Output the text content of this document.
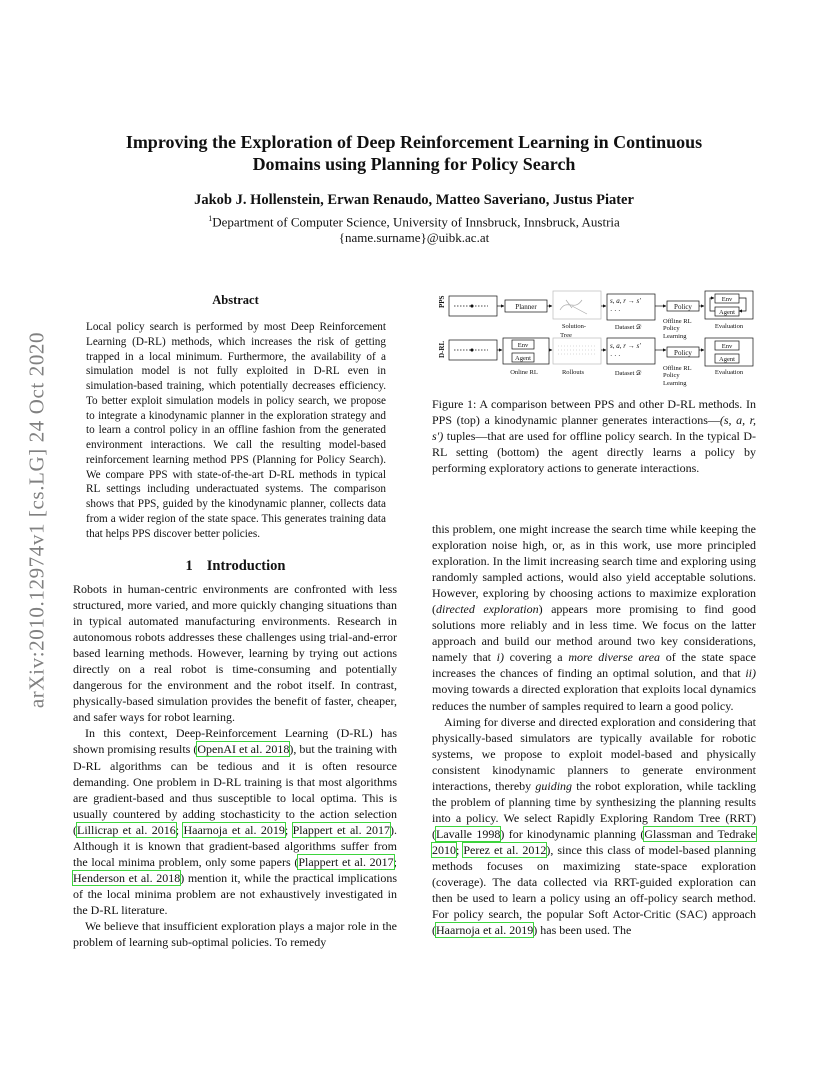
arXiv:2010.12974v1 [cs.LG] 24 Oct 2020
Improving the Exploration of Deep Reinforcement Learning in Continuous
Domains using Planning for Policy Search
Jakob J. Hollenstein, Erwan Renaudo, Matteo Saveriano, Justus Piater
$^1$Department of Computer Science, University of Innsbruck, Innsbruck, Austria
{name.surname}@uibk.ac.at
Abstract
Local policy search is performed by most Deep Reinforcement Learning (D-RL) methods, which increases the risk of getting trapped in a local minimum. Furthermore, the availability of a simulation model is not fully exploited in D-RL even in simulation-based training, which potentially decreases efficiency. To better exploit simulation models in policy search, we propose to integrate a kinodynamic planner in the exploration strategy and to learn a control policy in an offline fashion from the generated environment interactions. We call the resulting model-based reinforcement learning method PPS (Planning for Policy Search). We compare PPS with state-of-the-art D-RL methods in typical RL settings including underactuated systems. The comparison shows that PPS, guided by the kinodynamic planner, collects data from a wider region of the state space. This generates training data that helps PPS discover better policies.
1 Introduction

Robots in human-centric environments are confronted with less structured, more varied, and more quickly changing situations than in typical automated manufacturing environments. Research in autonomous robots addresses these challenges using trial-and-error based learning methods. However, learning by trying out actions directly on a real robot is time-consuming and potentially dangerous for the environment and the robot itself. In contrast, physically-based simulation provides the benefit of faster, cheaper, and safer ways for robot learning.

In this context, Deep-Reinforcement Learning (D-RL) has shown promising results (OpenAI et al. 2018), but the training with D-RL algorithms can be tedious and it is often resource demanding. One problem in D-RL training is that most algorithms are gradient-based and thus susceptible to local optima. This is usually countered by adding stochasticity to the action selection (Lillicrap et al. 2016; Haarnoja et al. 2019; Plappert et al. 2017). Although it is known that gradient-based algorithms suffer from the local minima problem, only some papers (Plappert et al. 2017; Henderson et al. 2018) mention it, while the practical implications of the local minima problem are not exhaustively investigated in the D-RL literature.

We believe that insufficient exploration plays a major role in the problem of learning sub-optimal policies. To remedy

PPS	Planner
s, a, r → s′
· · ·	Policy
Env
Agent
Solution-
Tree
Dataset 𝒟
Offline RL
Policy
Learning
Evaluation
D-RL	Env
Agent
s, a, r → s′
· · ·	Policy
Env
Agent
Online RL	Rollouts	Dataset 𝒟
Offline RL
Policy
Learning
Evaluation
Figure 1: A comparison between PPS and other D-RL methods. In PPS (top) a kinodynamic planner generates interactions—(s, a, r, s′) tuples—that are used for offline policy search. In the typical D-RL setting (bottom) the agent directly learns a policy by performing exploratory actions to generate interactions.

this problem, one might increase the search time while keeping the exploration noise high, or, as in this work, use more principled exploration. In the limit increasing search time and exploring using randomly sampled actions, would also yield acceptable solutions. However, exploring by choosing actions to maximize exploration (directed exploration) appears more promising to find good solutions more reliably and in less time. We focus on the latter approach and build our method around two key considerations, namely that i) covering a more diverse area of the state space increases the chances of finding an optimal solution, and that ii) moving towards a directed exploration that exploits local dynamics reduces the number of samples required to learn a good policy.

Aiming for diverse and directed exploration and considering that physically-based simulators are typically available for robotic systems, we propose to exploit model-based and physically consistent kinodynamic planners to generate environment interactions, thereby guiding the robot exploration, while tackling the problem of planning time by synthesizing the planning results into a policy. We select Rapidly Exploring Random Tree (RRT) (Lavalle 1998) for kinodynamic planning (Glassman and Tedrake 2010; Perez et al. 2012), since this class of model-based planning methods focuses on maximizing state-space exploration (coverage). The data collected via RRT-guided exploration can then be used to learn a policy using an off-policy search method. For policy search, the popular Soft Actor-Critic (SAC) approach (Haarnoja et al. 2019) has been used. The
